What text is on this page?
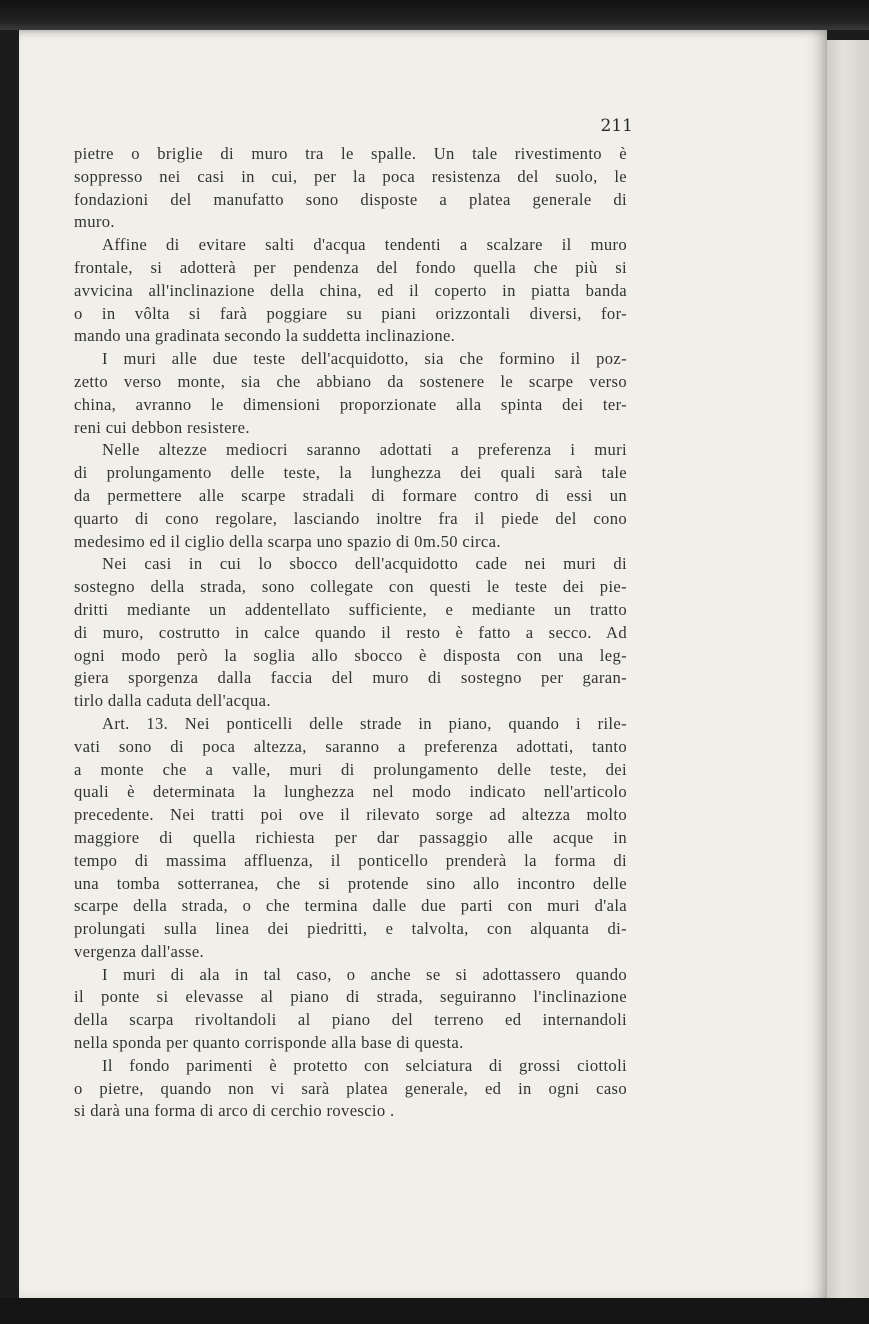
211

pietre o briglie di muro tra le spalle. Un tale rivestimento è
soppresso nei casi in cui, per la poca resistenza del suolo, le
fondazioni del manufatto sono disposte a platea generale di
muro.

Affine di evitare salti d'acqua tendenti a scalzare il muro
frontale, si adotterà per pendenza del fondo quella che più si
avvicina all'inclinazione della china, ed il coperto in piatta banda
o in vôlta si farà poggiare su piani orizzontali diversi, for-
mando una gradinata secondo la suddetta inclinazione.

I muri alle due teste dell'acquidotto, sia che formino il poz-
zetto verso monte, sia che abbiano da sostenere le scarpe verso
china, avranno le dimensioni proporzionate alla spinta dei ter-
reni cui debbon resistere.

Nelle altezze mediocri saranno adottati a preferenza i muri
di prolungamento delle teste, la lunghezza dei quali sarà tale
da permettere alle scarpe stradali di formare contro di essi un
quarto di cono regolare, lasciando inoltre fra il piede del cono
medesimo ed il ciglio della scarpa uno spazio di 0m.50 circa.

Nei casi in cui lo sbocco dell'acquidotto cade nei muri di
sostegno della strada, sono collegate con questi le teste dei pie-
dritti mediante un addentellato sufficiente, e mediante un tratto
di muro, costrutto in calce quando il resto è fatto a secco. Ad
ogni modo però la soglia allo sbocco è disposta con una leg-
giera sporgenza dalla faccia del muro di sostegno per garan-
tirlo dalla caduta dell'acqua.

Art. 13. Nei ponticelli delle strade in piano, quando i rile-
vati sono di poca altezza, saranno a preferenza adottati, tanto
a monte che a valle, muri di prolungamento delle teste, dei
quali è determinata la lunghezza nel modo indicato nell'articolo
precedente. Nei tratti poi ove il rilevato sorge ad altezza molto
maggiore di quella richiesta per dar passaggio alle acque in
tempo di massima affluenza, il ponticello prenderà la forma di
una tomba sotterranea, che si protende sino allo incontro delle
scarpe della strada, o che termina dalle due parti con muri d'ala
prolungati sulla linea dei piedritti, e talvolta, con alquanta di-
vergenza dall'asse.

I muri di ala in tal caso, o anche se si adottassero quando
il ponte si elevasse al piano di strada, seguiranno l'inclinazione
della scarpa rivoltandoli al piano del terreno ed internandoli
nella sponda per quanto corrisponde alla base di questa.

Il fondo parimenti è protetto con selciatura di grossi ciottoli
o pietre, quando non vi sarà platea generale, ed in ogni caso
si darà una forma di arco di cerchio rovescio .
